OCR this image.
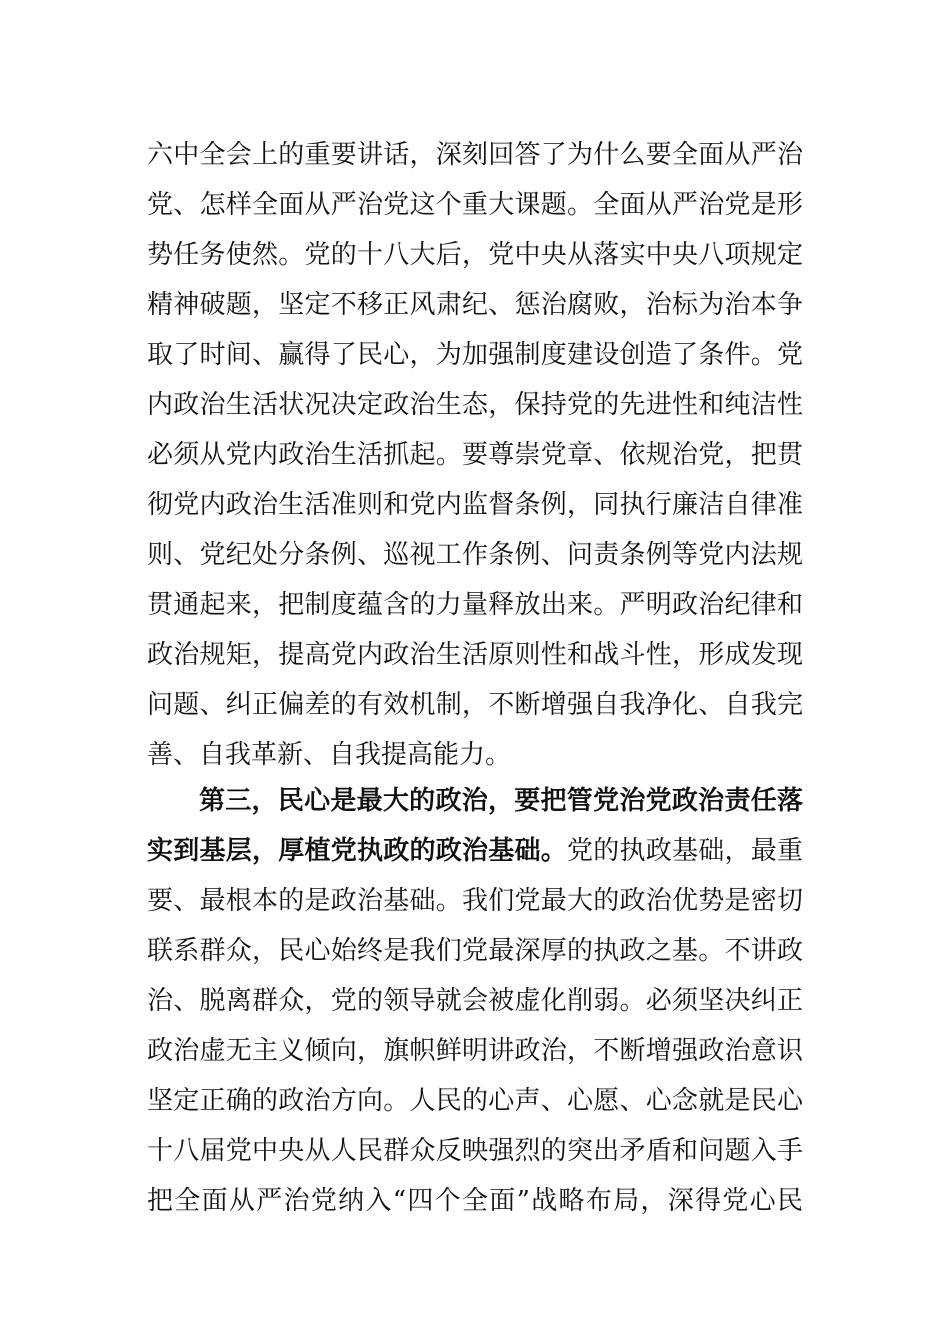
六中全会上的重要讲话，深刻回答了为什么要全面从严治
党、怎样全面从严治党这个重大课题。全面从严治党是形
势任务使然。党的十八大后，党中央从落实中央八项规定
精神破题，坚定不移正风肃纪、惩治腐败，治标为治本争
取了时间、赢得了民心，为加强制度建设创造了条件。党
内政治生活状况决定政治生态，保持党的先进性和纯洁性
必须从党内政治生活抓起。要尊崇党章、依规治党，把贯
彻党内政治生活准则和党内监督条例，同执行廉洁自律准
则、党纪处分条例、巡视工作条例、问责条例等党内法规
贯通起来，把制度蕴含的力量释放出来。严明政治纪律和
政治规矩，提高党内政治生活原则性和战斗性，形成发现
问题、纠正偏差的有效机制，不断增强自我净化、自我完
善、自我革新、自我提高能力。
第三，民心是最大的政治，要把管党治党政治责任落
实到基层，厚植党执政的政治基础。党的执政基础，最重
要、最根本的是政治基础。我们党最大的政治优势是密切
联系群众，民心始终是我们党最深厚的执政之基。不讲政
治、脱离群众，党的领导就会被虚化削弱。必须坚决纠正
政治虚无主义倾向，旗帜鲜明讲政治，不断增强政治意识
坚定正确的政治方向。人民的心声、心愿、心念就是民心
十八届党中央从人民群众反映强烈的突出矛盾和问题入手
把全面从严治党纳入“四个全面”战略布局，深得党心民
